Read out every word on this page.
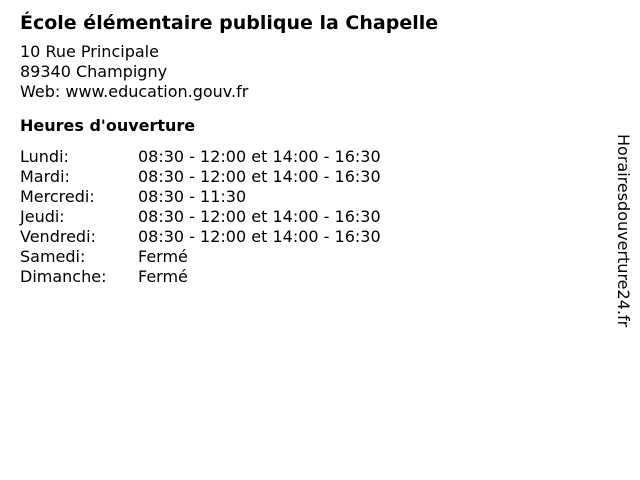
École élémentaire publique la Chapelle
10 Rue Principale
89340 Champigny
Web: www.education.gouv.fr
Heures d'ouverture
Lundi:	08:30 - 12:00 et 14:00 - 16:30
Mardi:	08:30 - 12:00 et 14:00 - 16:30
Mercredi:	08:30 - 11:30
Jeudi:	08:30 - 12:00 et 14:00 - 16:30
Vendredi:	08:30 - 12:00 et 14:00 - 16:30
Samedi:	Fermé
Dimanche:	Fermé	Horairesdouverture24.fr
